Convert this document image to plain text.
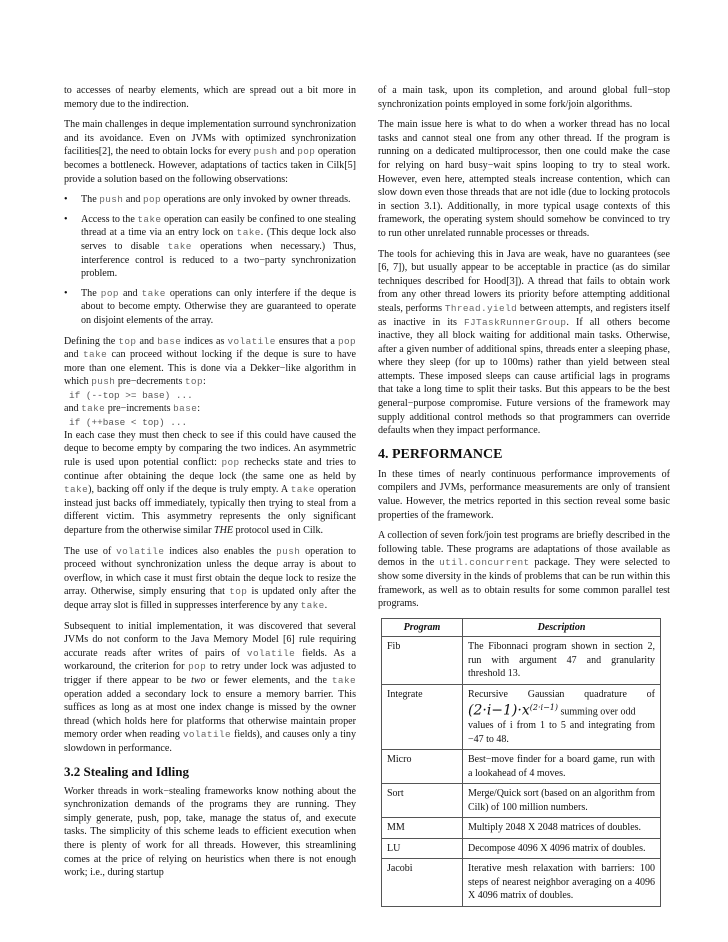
to accesses of nearby elements, which are spread out a bit more in memory due to the indirection.

The main challenges in deque implementation surround synchronization and its avoidance. Even on JVMs with optimized synchronization facilities[2], the need to obtain locks for every push and pop operation becomes a bottleneck. However, adaptations of tactics taken in Cilk[5] provide a solution based on the following observations:

• The push and pop operations are only invoked by owner threads.
• Access to the take operation can easily be confined to one stealing thread at a time via an entry lock on take. (This deque lock also serves to disable take operations when necessary.) Thus, interference control is reduced to a two−party synchronization problem.
• The pop and take operations can only interfere if the deque is about to become empty. Otherwise they are guaranteed to operate on disjoint elements of the array.

Defining the top and base indices as volatile ensures that a pop and take can proceed without locking if the deque is sure to have more than one element. This is done via a Dekker−like algorithm in which push pre−decrements top:

if (--top >= base) ...
and take pre−increments base:
if (++base < top) ...

In each case they must then check to see if this could have caused the deque to become empty by comparing the two indices. An asymmetric rule is used upon potential conflict: pop rechecks state and tries to continue after obtaining the deque lock (the same one as held by take), backing off only if the deque is truly empty. A take operation instead just backs off immediately, typically then trying to steal from a different victim. This asymmetry represents the only significant departure from the otherwise similar THE protocol used in Cilk.

The use of volatile indices also enables the push operation to proceed without synchronization unless the deque array is about to overflow, in which case it must first obtain the deque lock to resize the array. Otherwise, simply ensuring that top is updated only after the deque array slot is filled in suppresses interference by any take.

Subsequent to initial implementation, it was discovered that several JVMs do not conform to the Java Memory Model [6] rule requiring accurate reads after writes of pairs of volatile fields. As a workaround, the criterion for pop to retry under lock was adjusted to trigger if there appear to be two or fewer elements, and the take operation added a secondary lock to ensure a memory barrier. This suffices as long as at most one index change is missed by the owner thread (which holds here for platforms that otherwise maintain proper memory order when reading volatile fields), and causes only a tiny slowdown in performance.

3.2 Stealing and Idling

Worker threads in work−stealing frameworks know nothing about the synchronization demands of the programs they are running. They simply generate, push, pop, take, manage the status of, and execute tasks. The simplicity of this scheme leads to efficient execution when there is plenty of work for all threads. However, this streamlining comes at the price of relying on heuristics when there is not enough work; i.e., during startup

of a main task, upon its completion, and around global full−stop synchronization points employed in some fork/join algorithms.

The main issue here is what to do when a worker thread has no local tasks and cannot steal one from any other thread. If the program is running on a dedicated multiprocessor, then one could make the case for relying on hard busy−wait spins looping to try to steal work. However, even here, attempted steals increase contention, which can slow down even those threads that are not idle (due to locking protocols in section 3.1). Additionally, in more typical usage contexts of this framework, the operating system should somehow be convinced to try to run other unrelated runnable processes or threads.

The tools for achieving this in Java are weak, have no guarantees (see [6, 7]), but usually appear to be acceptable in practice (as do similar techniques described for Hood[3]). A thread that fails to obtain work from any other thread lowers its priority before attempting additional steals, performs Thread.yield between attempts, and registers itself as inactive in its FJTaskRunnerGroup. If all others become inactive, they all block waiting for additional main tasks. Otherwise, after a given number of additional spins, threads enter a sleeping phase, where they sleep (for up to 100ms) rather than yield between steal attempts. These imposed sleeps can cause artificial lags in programs that take a long time to split their tasks. But this appears to be the best general−purpose compromise. Future versions of the framework may supply additional control methods so that programmers can override defaults when they impact performance.

4. PERFORMANCE

In these times of nearly continuous performance improvements of compilers and JVMs, performance measurements are only of transient value. However, the metrics reported in this section reveal some basic properties of the framework.

A collection of seven fork/join test programs are briefly described in the following table. These programs are adaptations of those available as demos in the util.concurrent package. They were selected to show some diversity in the kinds of problems that can be run within this framework, as well as to obtain results for some common parallel test programs.

Program	Description
Fib	The Fibonnaci program shown in section 2, run with argument 47 and granularity threshold 13.
Integrate	Recursive Gaussian quadrature of
$(2\cdot i-1)\cdot x^{(2\cdot i-1)}$ summing over odd
values of i from 1 to 5 and integrating from −47 to 48.

Micro	Best−move finder for a board game, run with a lookahead of 4 moves.
Sort	Merge/Quick sort (based on an algorithm from Cilk) of 100 million numbers.
MM	Multiply 2048 X 2048 matrices of doubles.
LU	Decompose 4096 X 4096 matrix of doubles.
Jacobi	Iterative mesh relaxation with barriers: 100 steps of nearest neighbor averaging on a 4096 X 4096 matrix of doubles.
